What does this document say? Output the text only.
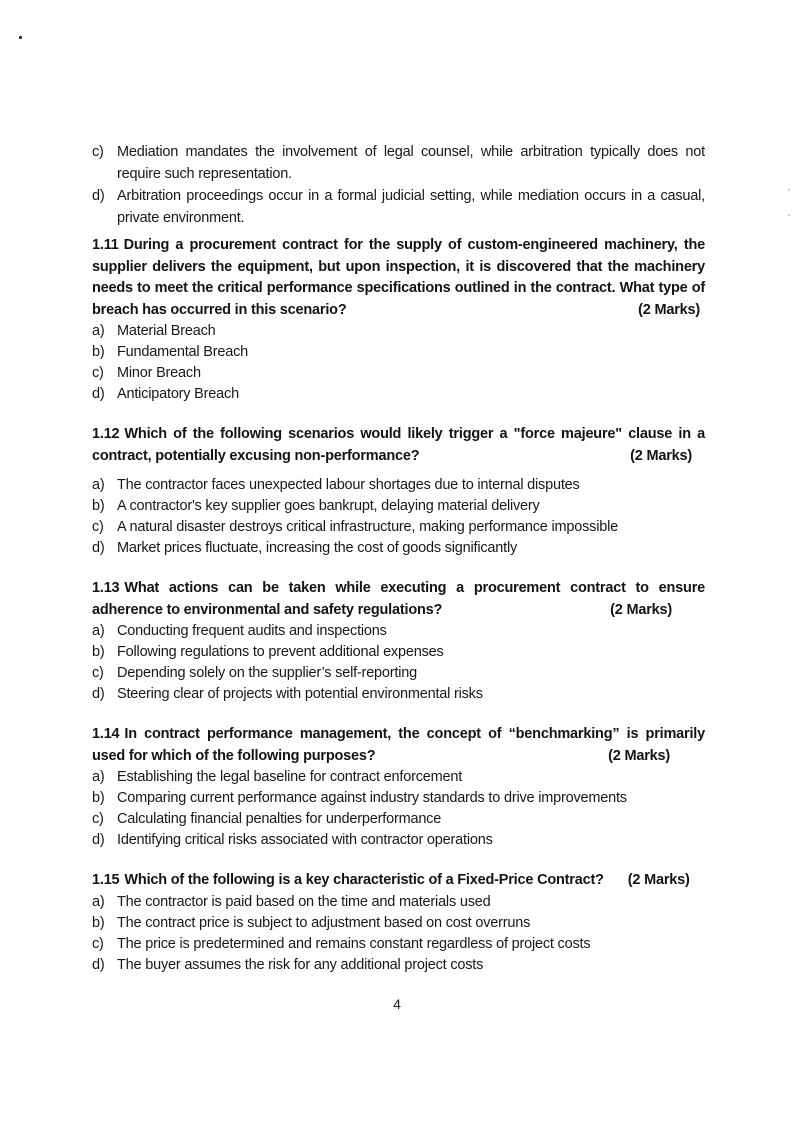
c) Mediation mandates the involvement of legal counsel, while arbitration typically does not require such representation.
d) Arbitration proceedings occur in a formal judicial setting, while mediation occurs in a casual, private environment.
1.11 During a procurement contract for the supply of custom-engineered machinery, the supplier delivers the equipment, but upon inspection, it is discovered that the machinery needs to meet the critical performance specifications outlined in the contract. What type of breach has occurred in this scenario?	(2 Marks)
a) Material Breach
b) Fundamental Breach
c) Minor Breach
d) Anticipatory Breach
1.12 Which of the following scenarios would likely trigger a "force majeure" clause in a contract, potentially excusing non-performance?	(2 Marks)
a) The contractor faces unexpected labour shortages due to internal disputes
b) A contractor's key supplier goes bankrupt, delaying material delivery
c) A natural disaster destroys critical infrastructure, making performance impossible
d) Market prices fluctuate, increasing the cost of goods significantly
1.13 What actions can be taken while executing a procurement contract to ensure adherence to environmental and safety regulations?	(2 Marks)
a) Conducting frequent audits and inspections
b) Following regulations to prevent additional expenses
c) Depending solely on the supplier’s self-reporting
d) Steering clear of projects with potential environmental risks
1.14 In contract performance management, the concept of “benchmarking” is primarily used for which of the following purposes?	(2 Marks)
a) Establishing the legal baseline for contract enforcement
b) Comparing current performance against industry standards to drive improvements
c) Calculating financial penalties for underperformance
d) Identifying critical risks associated with contractor operations
1.15 Which of the following is a key characteristic of a Fixed-Price Contract? (2 Marks)
a) The contractor is paid based on the time and materials used
b) The contract price is subject to adjustment based on cost overruns
c) The price is predetermined and remains constant regardless of project costs
d) The buyer assumes the risk for any additional project costs
4
